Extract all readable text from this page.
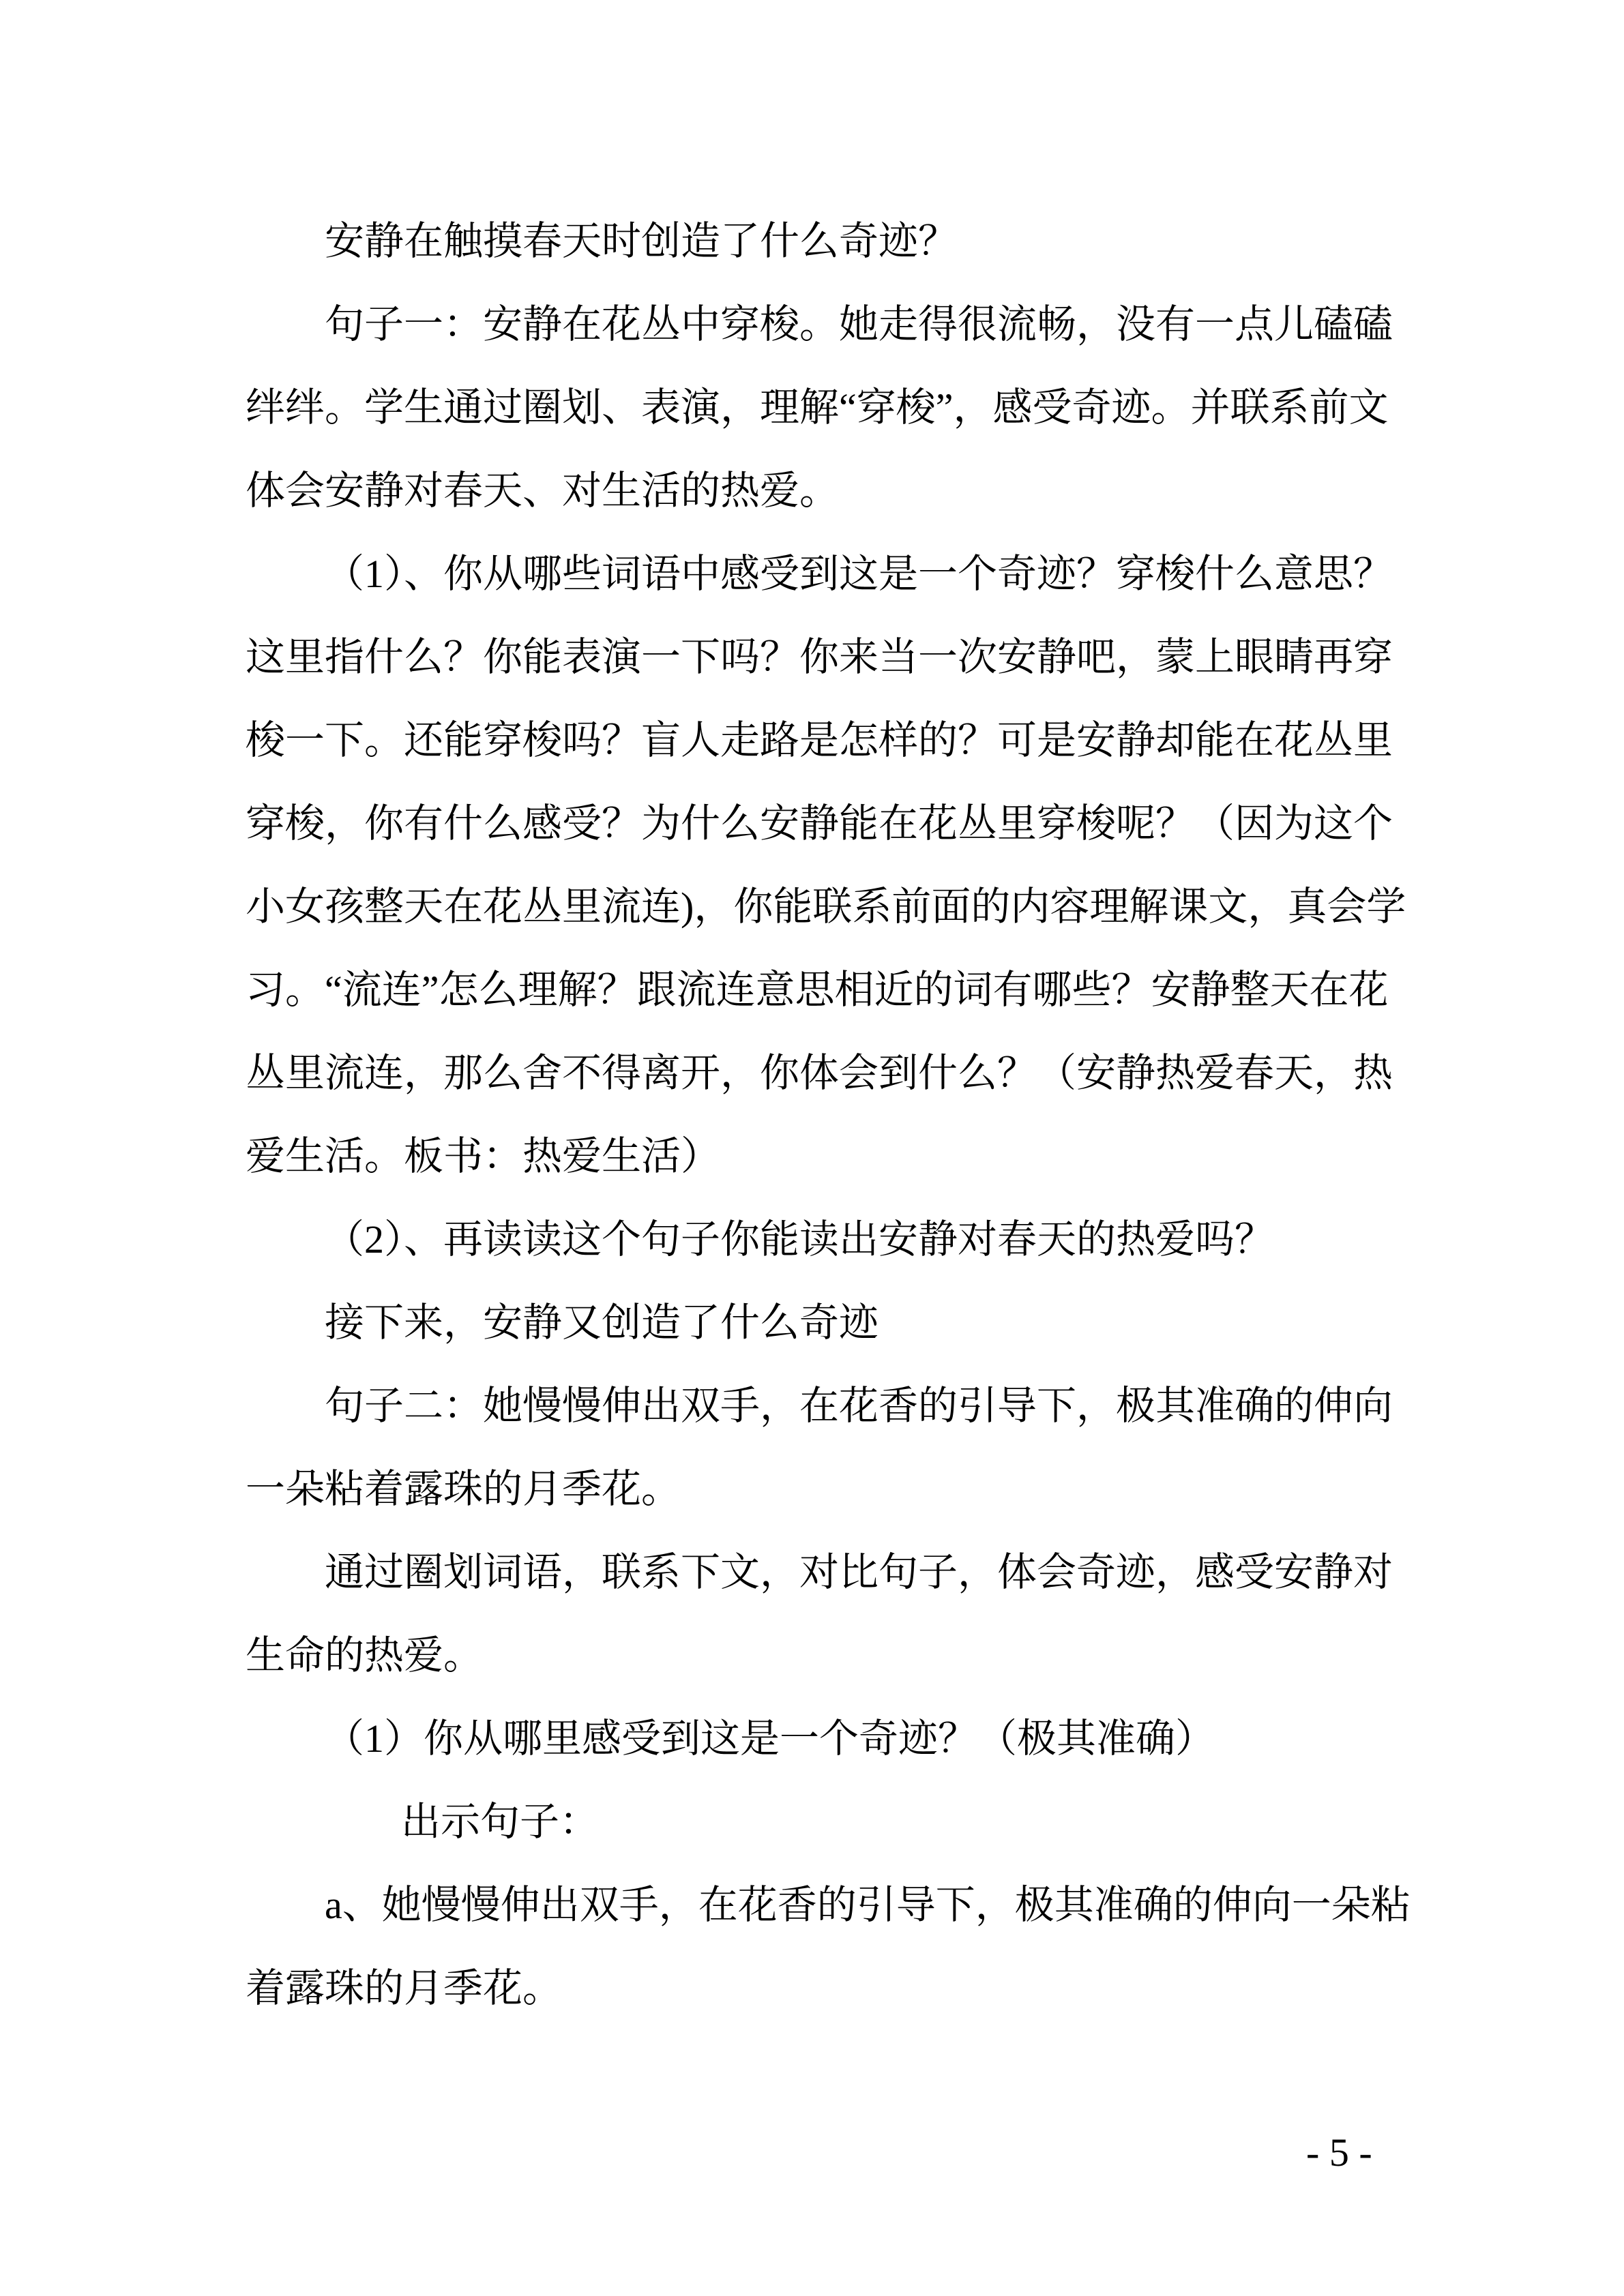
安静在触摸春天时创造了什么奇迹？
句子一：安静在花丛中穿梭。她走得很流畅，没有一点儿磕磕
绊绊。学生通过圈划、表演，理解“穿梭”，感受奇迹。并联系前文
体会安静对春天、对生活的热爱。
（1）、你从哪些词语中感受到这是一个奇迹？穿梭什么意思？
这里指什么？你能表演一下吗？你来当一次安静吧，蒙上眼睛再穿
梭一下。还能穿梭吗？盲人走路是怎样的？可是安静却能在花丛里
穿梭，你有什么感受？为什么安静能在花丛里穿梭呢？（因为这个
小女孩整天在花丛里流连)，你能联系前面的内容理解课文，真会学
习。“流连”怎么理解？跟流连意思相近的词有哪些？安静整天在花
丛里流连，那么舍不得离开，你体会到什么？（安静热爱春天，热
爱生活。板书：热爱生活）
（2）、再读读这个句子你能读出安静对春天的热爱吗？
接下来，安静又创造了什么奇迹
句子二：她慢慢伸出双手，在花香的引导下，极其准确的伸向
一朵粘着露珠的月季花。
通过圈划词语，联系下文，对比句子，体会奇迹，感受安静对
生命的热爱。
（1）你从哪里感受到这是一个奇迹？（极其准确）
出示句子：
a、她慢慢伸出双手，在花香的引导下，极其准确的伸向一朵粘
着露珠的月季花。
- 5 -
